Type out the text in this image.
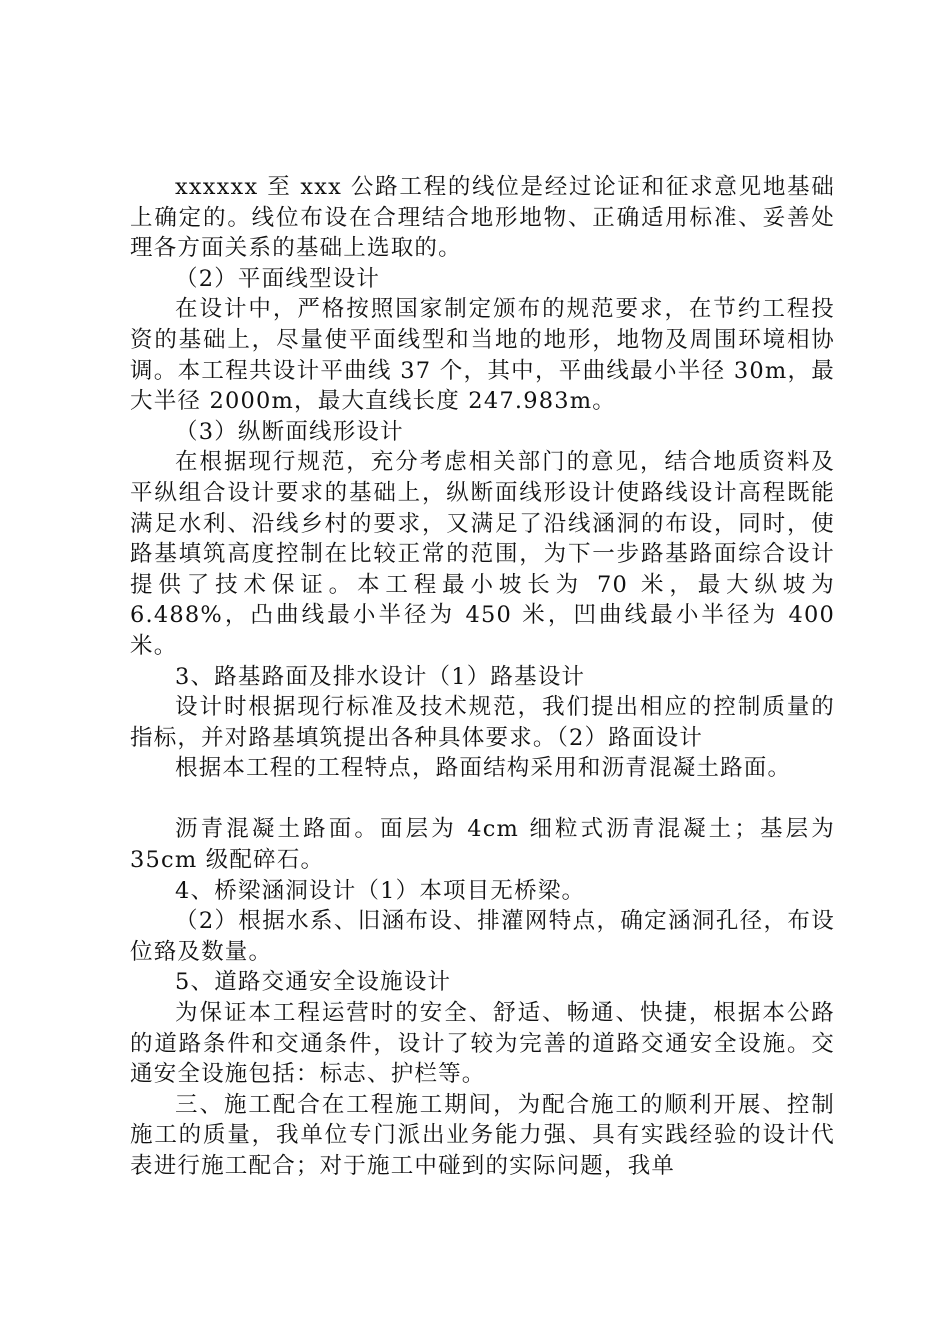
xxxxxx 至 xxx 公路工程的线位是经过论证和征求意见地基础上确定的。线位布设在合理结合地形地物、正确适用标准、妥善处理各方面关系的基础上选取的。

（2）平面线型设计

在设计中，严格按照国家制定颁布的规范要求，在节约工程投资的基础上，尽量使平面线型和当地的地形，地物及周围环境相协调。本工程共设计平曲线 37 个，其中，平曲线最小半径 30m，最大半径 2000m，最大直线长度 247.983m。

（3）纵断面线形设计

在根据现行规范，充分考虑相关部门的意见，结合地质资料及平纵组合设计要求的基础上，纵断面线形设计使路线设计高程既能满足水利、沿线乡村的要求，又满足了沿线涵洞的布设，同时，使路基填筑高度控制在比较正常的范围，为下一步路基路面综合设计提供了技术保证。本工程最小坡长为 70 米，最大纵坡为 6.488%，凸曲线最小半径为 450 米，凹曲线最小半径为 400 米。

3、路基路面及排水设计（1）路基设计

设计时根据现行标准及技术规范，我们提出相应的控制质量的指标，并对路基填筑提出各种具体要求。（2）路面设计

根据本工程的工程特点，路面结构采用和沥青混凝土路面。

沥青混凝土路面。面层为 4cm 细粒式沥青混凝土；基层为 35cm 级配碎石。

4、桥梁涵洞设计（1）本项目无桥梁。

（2）根据水系、旧涵布设、排灌网特点，确定涵洞孔径，布设位臵及数量。

5、道路交通安全设施设计

为保证本工程运营时的安全、舒适、畅通、快捷，根据本公路的道路条件和交通条件，设计了较为完善的道路交通安全设施。交通安全设施包括：标志、护栏等。

三、施工配合在工程施工期间，为配合施工的顺利开展、控制施工的质量，我单位专门派出业务能力强、具有实践经验的设计代表进行施工配合；对于施工中碰到的实际问题，我单
